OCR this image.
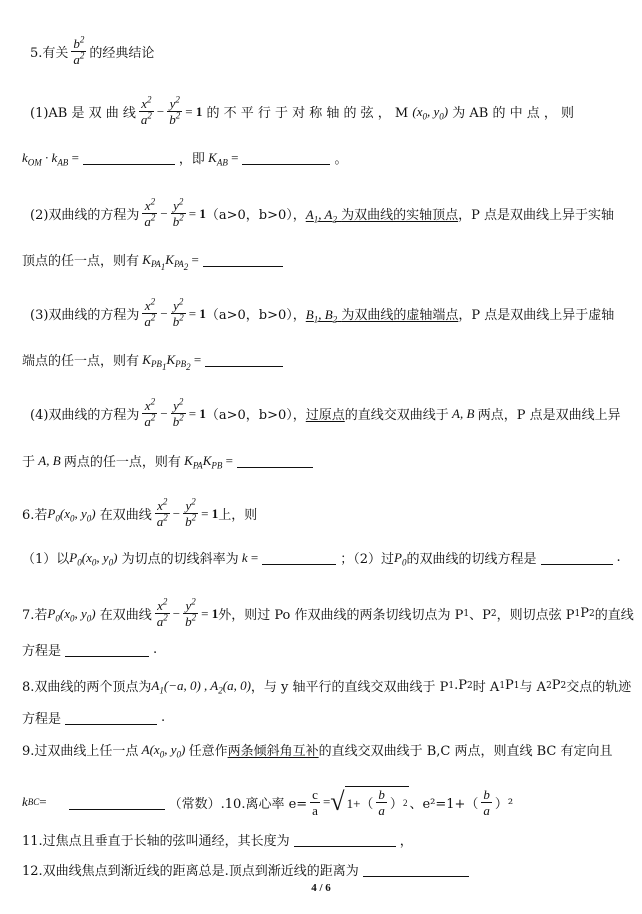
5.有关 $\frac{b^2}{a^2}$ 的经典结论
(1)AB 是 双 曲 线 $\frac{x^2}{a^2} - \frac{y^2}{b^2} = 1$
的 不 平 行 于 对 称 轴 的 弦 ， M
($x_0$, $y_0$)
为 AB 的 中 点 ， 则
$k_{OM} \cdot k_{AB}$ =	，即 $K_{AB}$ =	。
(2)双曲线的方程为 $\frac{x^2}{a^2} - \frac{y^2}{b^2} = 1$ （a>0，b>0）， $A_1$, $A_2$ 为双曲线的实轴顶点 ，P 点是双曲线上异于实轴
顶点的任一点，则有 $K_{PA_1}K_{PA_2}$
=
(3)双曲线的方程为 $\frac{x^2}{a^2} - \frac{y^2}{b^2} = 1$ （a>0，b>0）， $B_1$, $B_2$ 为双曲线的虚轴端点 ，P 点是双曲线上异于虚轴
端点的任一点，则有 $K_{PB_1}K_{PB_2}$
=
(4)双曲线的方程为 $\frac{x^2}{a^2} - \frac{y^2}{b^2} = 1$ （a>0，b>0）， 过原点 的直线交双曲线于 A, B 两点，P 点是双曲线上异
于 A, B 两点的任一点，则有 $K_{PA}K_{PB}$ =
6.若 $P_0(x_0$, $y_0$)
在双曲线 $\frac{x^2}{a^2} - \frac{y^2}{b^2} = 1$ 上，则
（1）以 $P_0(x_0$, $y_0$)
为切点的切线斜率为 k =	；（2）过 $P_0$ 的双曲线的切线方程是	.
7.若 $P_0(x_0$, $y_0$)
在双曲线 $\frac{x^2}{a^2} - \frac{y^2}{b^2} = 1$ 外，则过 Po 作双曲线的两条切线切点为 P 1 、P 2 ，则切点弦 P 1 P 2 的直线
方程是	.
8.双曲线的两个顶点为 $A_1(-a$, 0) , $A_2(a$, 0) ，与 y 轴平行的直线交双曲线于 P 1 .P 2 时 A 1 P 1 与 A 2 P 2 交点的轨迹
方程是	.
9.过双曲线上任一点 $A(x_0$, $y_0$) 任意作 两条倾斜角互补 的直线交双曲线于 B,C 两点，则直线 BC 有定向且
k BC =	（常数）.10.离心率 $e= \frac{c}{a}$ = √ $1+( \frac{b}{a}$ ） 2 、$e^2=1+( \frac{b}{a} )^2$
11.过焦点且垂直于长轴的弦叫通经，其长度为	，
12.双曲线焦点到渐近线的距离总是.顶点到渐近线的距离为
4 / 6
